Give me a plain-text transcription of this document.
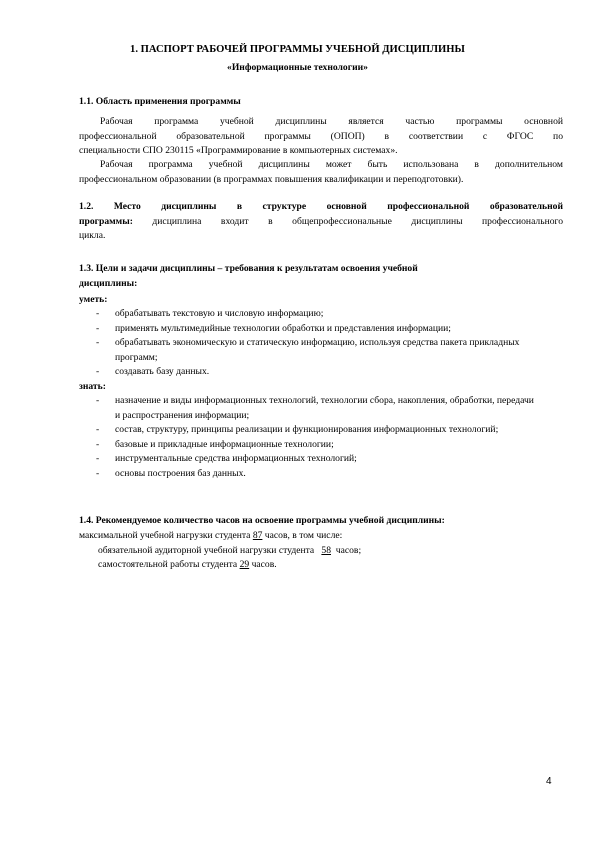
1. ПАСПОРТ РАБОЧЕЙ ПРОГРАММЫ УЧЕБНОЙ ДИСЦИПЛИНЫ
«Информационные технологии»
1.1. Область применения программы
Рабочая программа учебной дисциплины является частью программы основной
профессиональной образовательной программы (ОПОП) в соответствии с ФГОС по
специальности СПО 230115 «Программирование в компьютерных системах».
Рабочая программа учебной дисциплины может быть использована в дополнительном
профессиональном образовании (в программах повышения квалификации и переподготовки).
1.2. Место дисциплины в структуре основной профессиональной образовательной
программы: дисциплина входит в общепрофессиональные дисциплины профессионального
цикла.
1.3. Цели и задачи дисциплины – требования к результатам освоения учебной
дисциплины:
уметь:
- обрабатывать текстовую и числовую информацию;
- применять мультимедийные технологии обработки и представления информации;
- обрабатывать экономическую и статическую информацию, используя средства пакета прикладных программ;
- создавать базу данных.
знать:
- назначение и виды информационных технологий, технологии сбора, накопления, обработки, передачи и распространения информации;
- состав, структуру, принципы реализации и функционирования информационных технологий;
- базовые и прикладные информационные технологии;
- инструментальные средства информационных технологий;
- основы построения баз данных.
1.4. Рекомендуемое количество часов на освоение программы учебной дисциплины:
максимальной учебной нагрузки студента 87 часов, в том числе:
обязательной аудиторной учебной нагрузки студента   58  часов;
самостоятельной работы студента 29 часов.
4
